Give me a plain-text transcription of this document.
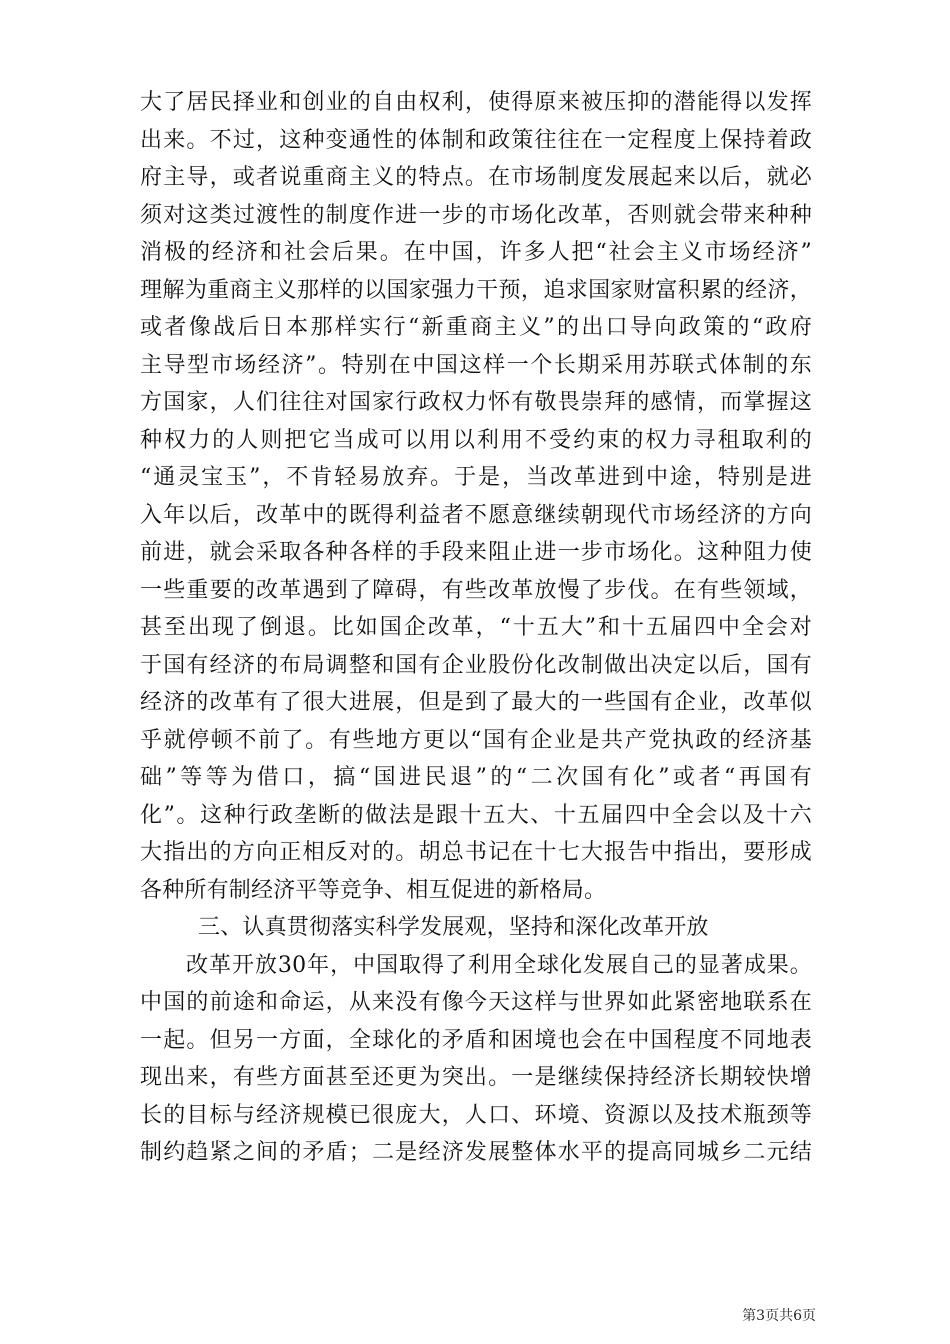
大了居民择业和创业的自由权利，使得原来被压抑的潜能得以发挥
出来。不过，这种变通性的体制和政策往往在一定程度上保持着政
府主导，或者说重商主义的特点。在市场制度发展起来以后，就必
须对这类过渡性的制度作进一步的市场化改革，否则就会带来种种
消极的经济和社会后果。在中国，许多人把“社会主义市场经济”
理解为重商主义那样的以国家强力干预，追求国家财富积累的经济，
或者像战后日本那样实行“新重商主义”的出口导向政策的“政府
主导型市场经济”。特别在中国这样一个长期采用苏联式体制的东
方国家，人们往往对国家行政权力怀有敬畏崇拜的感情，而掌握这
种权力的人则把它当成可以用以利用不受约束的权力寻租取利的
“通灵宝玉”，不肯轻易放弃。于是，当改革进到中途，特别是进
入年以后，改革中的既得利益者不愿意继续朝现代市场经济的方向
前进，就会采取各种各样的手段来阻止进一步市场化。这种阻力使
一些重要的改革遇到了障碍，有些改革放慢了步伐。在有些领域，
甚至出现了倒退。比如国企改革，“十五大”和十五届四中全会对
于国有经济的布局调整和国有企业股份化改制做出决定以后，国有
经济的改革有了很大进展，但是到了最大的一些国有企业，改革似
乎就停顿不前了。有些地方更以“国有企业是共产党执政的经济基
础”等等为借口，搞“国进民退”的“二次国有化”或者“再国有
化”。这种行政垄断的做法是跟十五大、十五届四中全会以及十六
大指出的方向正相反对的。胡总书记在十七大报告中指出，要形成
各种所有制经济平等竞争、相互促进的新格局。
三、认真贯彻落实科学发展观，坚持和深化改革开放
改革开放30年，中国取得了利用全球化发展自己的显著成果。
中国的前途和命运，从来没有像今天这样与世界如此紧密地联系在
一起。但另一方面，全球化的矛盾和困境也会在中国程度不同地表
现出来，有些方面甚至还更为突出。一是继续保持经济长期较快增
长的目标与经济规模已很庞大，人口、环境、资源以及技术瓶颈等
制约趋紧之间的矛盾；二是经济发展整体水平的提高同城乡二元结
第3页共6页
